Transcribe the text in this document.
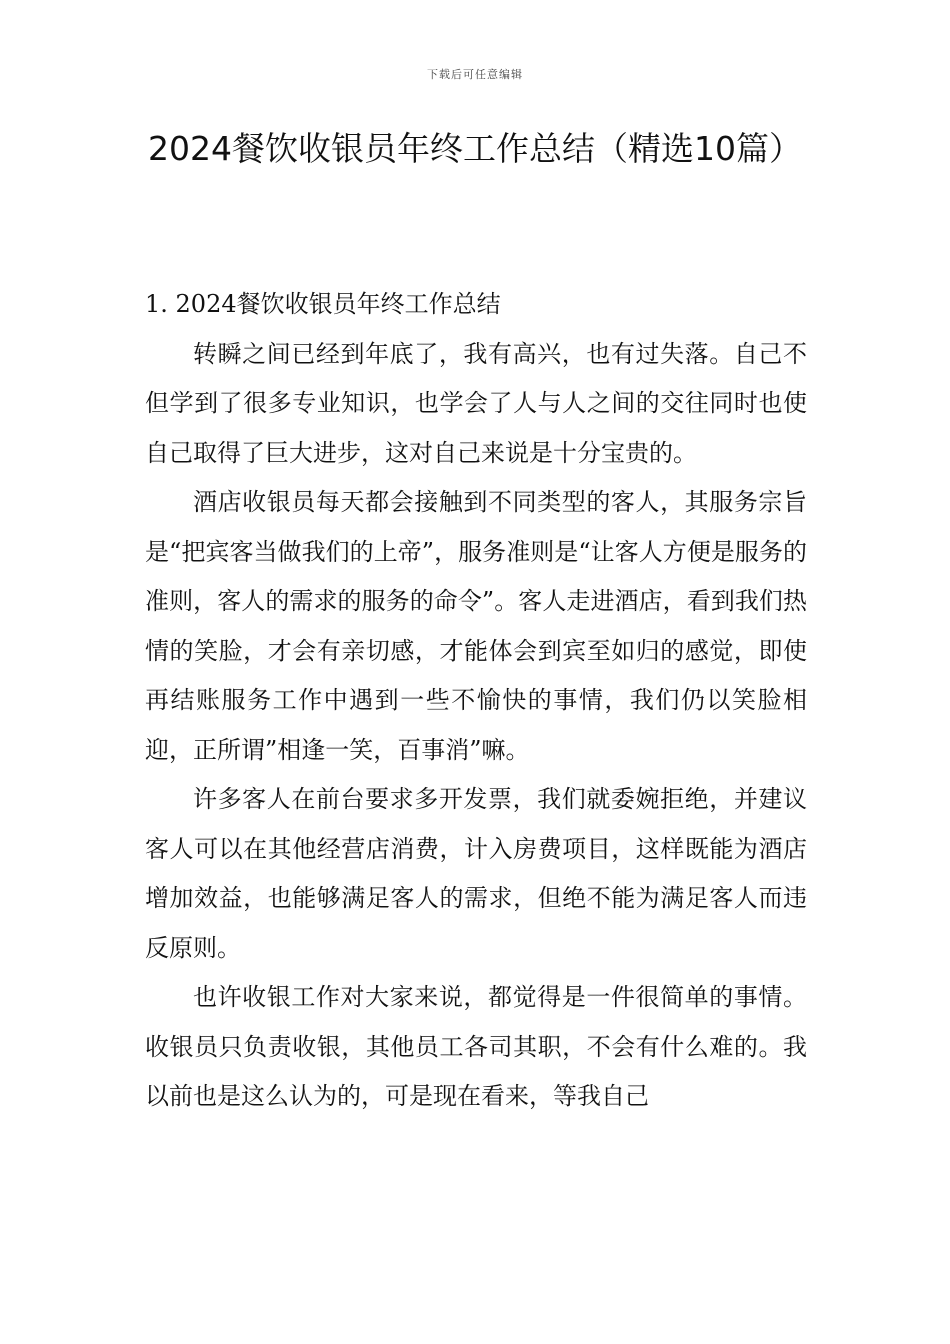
下载后可任意编辑
2024餐饮收银员年终工作总结（精选10篇）
1. 2024餐饮收银员年终工作总结

转瞬之间已经到年底了，我有高兴，也有过失落。自己不但学到了很多专业知识，也学会了人与人之间的交往同时也使自己取得了巨大进步，这对自己来说是十分宝贵的。

酒店收银员每天都会接触到不同类型的客人，其服务宗旨是“把宾客当做我们的上帝”，服务准则是“让客人方便是服务的准则，客人的需求的服务的命令”。客人走进酒店，看到我们热情的笑脸，才会有亲切感，才能体会到宾至如归的感觉，即使再结账服务工作中遇到一些不愉快的事情，我们仍以笑脸相迎，正所谓”相逢一笑，百事消”嘛。

许多客人在前台要求多开发票，我们就委婉拒绝，并建议客人可以在其他经营店消费，计入房费项目，这样既能为酒店增加效益，也能够满足客人的需求，但绝不能为满足客人而违反原则。

也许收银工作对大家来说，都觉得是一件很简单的事情。收银员只负责收银，其他员工各司其职，不会有什么难的。我以前也是这么认为的，可是现在看来，等我自己
